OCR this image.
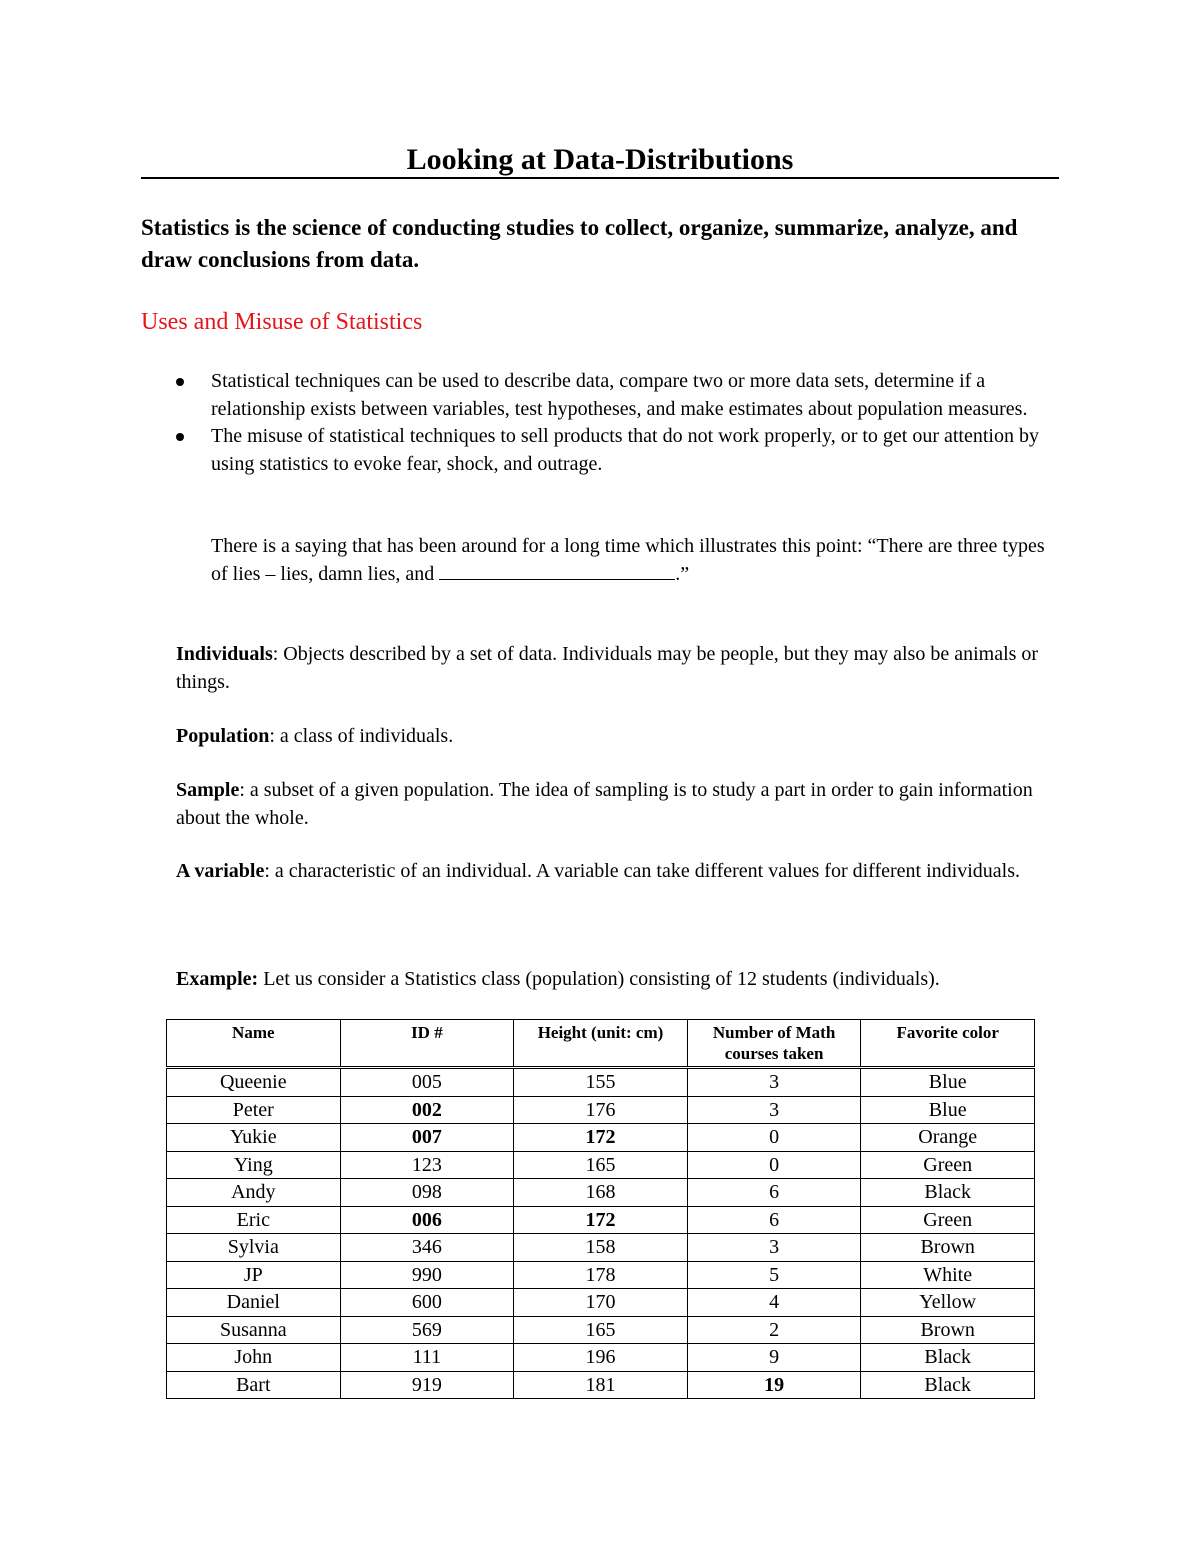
Looking at Data-Distributions
Statistics is the science of conducting studies to collect, organize, summarize, analyze, and draw conclusions from data.
Uses and Misuse of Statistics
Statistical techniques can be used to describe data, compare two or more data sets, determine if a relationship exists between variables, test hypotheses, and make estimates about population measures.
The misuse of statistical techniques to sell products that do not work properly, or to get our attention by using statistics to evoke fear, shock, and outrage.
There is a saying that has been around for a long time which illustrates this point: “There are three types of lies – lies, damn lies, and	.”
Individuals: Objects described by a set of data. Individuals may be people, but they may also be animals or things.
Population: a class of individuals.
Sample: a subset of a given population. The idea of sampling is to study a part in order to gain information about the whole.
A variable: a characteristic of an individual. A variable can take different values for different individuals.
Example: Let us consider a Statistics class (population) consisting of 12 students (individuals).
Name	ID #	Height (unit: cm)	Number of Math courses taken	Favorite color
Queenie	005	155	3	Blue
Peter	002	176	3	Blue
Yukie	007	172	0	Orange
Ying	123	165	0	Green
Andy	098	168	6	Black
Eric	006	172	6	Green
Sylvia	346	158	3	Brown
JP	990	178	5	White
Daniel	600	170	4	Yellow
Susanna	569	165	2	Brown
John	111	196	9	Black
Bart	919	181	19	Black
